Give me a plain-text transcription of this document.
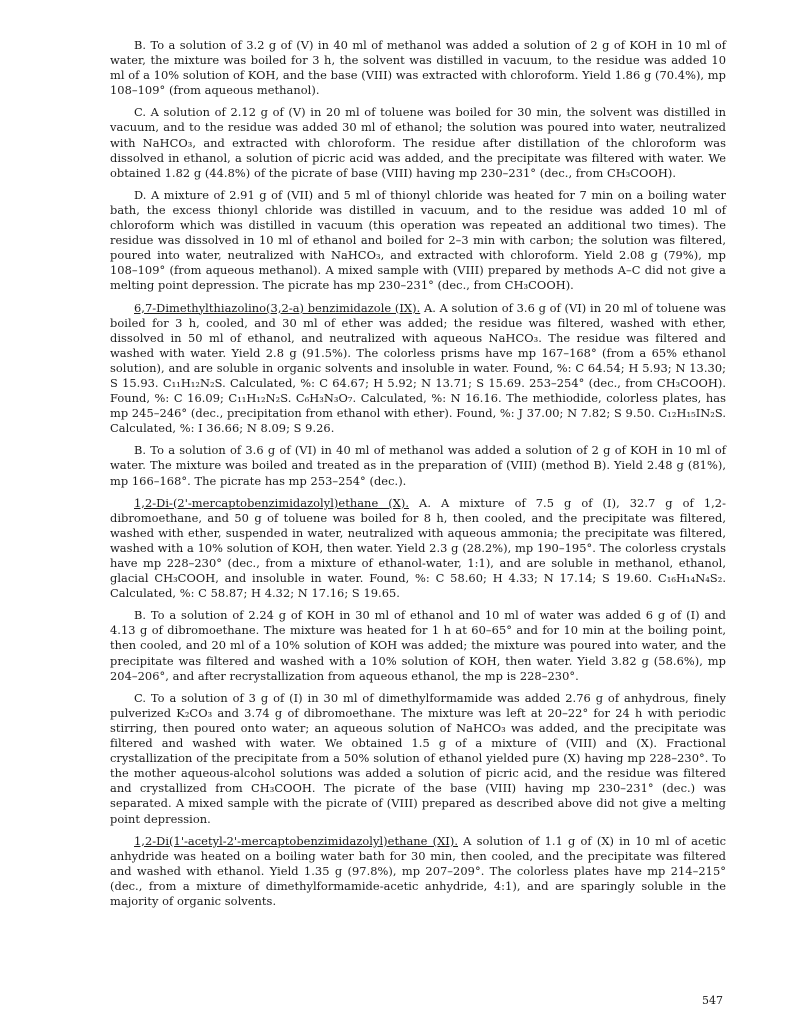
B. To a solution of 3.2 g of (V) in 40 ml of methanol was added a solution of 2 g of KOH in 10 ml of water, the mixture was boiled for 3 h, the solvent was distilled in vacuum, to the residue was added 10 ml of a 10% solution of KOH, and the base (VIII) was extracted with chloroform. Yield 1.86 g (70.4%), mp 108–109° (from aqueous methanol).

C. A solution of 2.12 g of (V) in 20 ml of toluene was boiled for 30 min, the solvent was distilled in vacuum, and to the residue was added 30 ml of ethanol; the solution was poured into water, neutralized with NaHCO₃, and extracted with chloroform. The residue after distillation of the chloroform was dissolved in ethanol, a solution of picric acid was added, and the precipitate was filtered with water. We obtained 1.82 g (44.8%) of the picrate of base (VIII) having mp 230–231° (dec., from CH₃COOH).

D. A mixture of 2.91 g of (VII) and 5 ml of thionyl chloride was heated for 7 min on a boiling water bath, the excess thionyl chloride was distilled in vacuum, and to the residue was added 10 ml of chloroform which was distilled in vacuum (this operation was repeated an additional two times). The residue was dissolved in 10 ml of ethanol and boiled for 2–3 min with carbon; the solution was filtered, poured into water, neutralized with NaHCO₃, and extracted with chloroform. Yield 2.08 g (79%), mp 108–109° (from aqueous methanol). A mixed sample with (VIII) prepared by methods A–C did not give a melting point depression. The picrate has mp 230–231° (dec., from CH₃COOH).

6,7-Dimethylthiazolino(3,2-a) benzimidazole (IX). A. A solution of 3.6 g of (VI) in 20 ml of toluene was boiled for 3 h, cooled, and 30 ml of ether was added; the residue was filtered, washed with ether, dissolved in 50 ml of ethanol, and neutralized with aqueous NaHCO₃. The residue was filtered and washed with water. Yield 2.8 g (91.5%). The colorless prisms have mp 167–168° (from a 65% ethanol solution), and are soluble in organic solvents and insoluble in water. Found, %: C 64.54; H 5.93; N 13.30; S 15.93. C₁₁H₁₂N₂S. Calculated, %: C 64.67; H 5.92; N 13.71; S 15.69. 253–254° (dec., from CH₃COOH). Found, %: C 16.09; C₁₁H₁₂N₂S. C₆H₃N₃O₇. Calculated, %: N 16.16. The methiodide, colorless plates, has mp 245–246° (dec., precipitation from ethanol with ether). Found, %: J 37.00; N 7.82; S 9.50. C₁₂H₁₅IN₂S. Calculated, %: I 36.66; N 8.09; S 9.26.

B. To a solution of 3.6 g of (VI) in 40 ml of methanol was added a solution of 2 g of KOH in 10 ml of water. The mixture was boiled and treated as in the preparation of (VIII) (method B). Yield 2.48 g (81%), mp 166–168°. The picrate has mp 253–254° (dec.).

1,2-Di-(2'-mercaptobenzimidazolyl)ethane (X). A. A mixture of 7.5 g of (I), 32.7 g of 1,2-dibromoethane, and 50 g of toluene was boiled for 8 h, then cooled, and the precipitate was filtered, washed with ether, suspended in water, neutralized with aqueous ammonia; the precipitate was filtered, washed with a 10% solution of KOH, then water. Yield 2.3 g (28.2%), mp 190–195°. The colorless crystals have mp 228–230° (dec., from a mixture of ethanol-water, 1:1), and are soluble in methanol, ethanol, glacial CH₃COOH, and insoluble in water. Found, %: C 58.60; H 4.33; N 17.14; S 19.60. C₁₆H₁₄N₄S₂. Calculated, %: C 58.87; H 4.32; N 17.16; S 19.65.

B. To a solution of 2.24 g of KOH in 30 ml of ethanol and 10 ml of water was added 6 g of (I) and 4.13 g of dibromoethane. The mixture was heated for 1 h at 60–65° and for 10 min at the boiling point, then cooled, and 20 ml of a 10% solution of KOH was added; the mixture was poured into water, and the precipitate was filtered and washed with a 10% solution of KOH, then water. Yield 3.82 g (58.6%), mp 204–206°, and after recrystallization from aqueous ethanol, the mp is 228–230°.

C. To a solution of 3 g of (I) in 30 ml of dimethylformamide was added 2.76 g of anhydrous, finely pulverized K₂CO₃ and 3.74 g of dibromoethane. The mixture was left at 20–22° for 24 h with periodic stirring, then poured onto water; an aqueous solution of NaHCO₃ was added, and the precipitate was filtered and washed with water. We obtained 1.5 g of a mixture of (VIII) and (X). Fractional crystallization of the precipitate from a 50% solution of ethanol yielded pure (X) having mp 228–230°. To the mother aqueous-alcohol solutions was added a solution of picric acid, and the residue was filtered and crystallized from CH₃COOH. The picrate of the base (VIII) having mp 230–231° (dec.) was separated. A mixed sample with the picrate of (VIII) prepared as described above did not give a melting point depression.

1,2-Di(1'-acetyl-2'-mercaptobenzimidazolyl)ethane (XI). A solution of 1.1 g of (X) in 10 ml of acetic anhydride was heated on a boiling water bath for 30 min, then cooled, and the precipitate was filtered and washed with ethanol. Yield 1.35 g (97.8%), mp 207–209°. The colorless plates have mp 214–215° (dec., from a mixture of dimethylformamide-acetic anhydride, 4:1), and are sparingly soluble in the majority of organic solvents.

547
